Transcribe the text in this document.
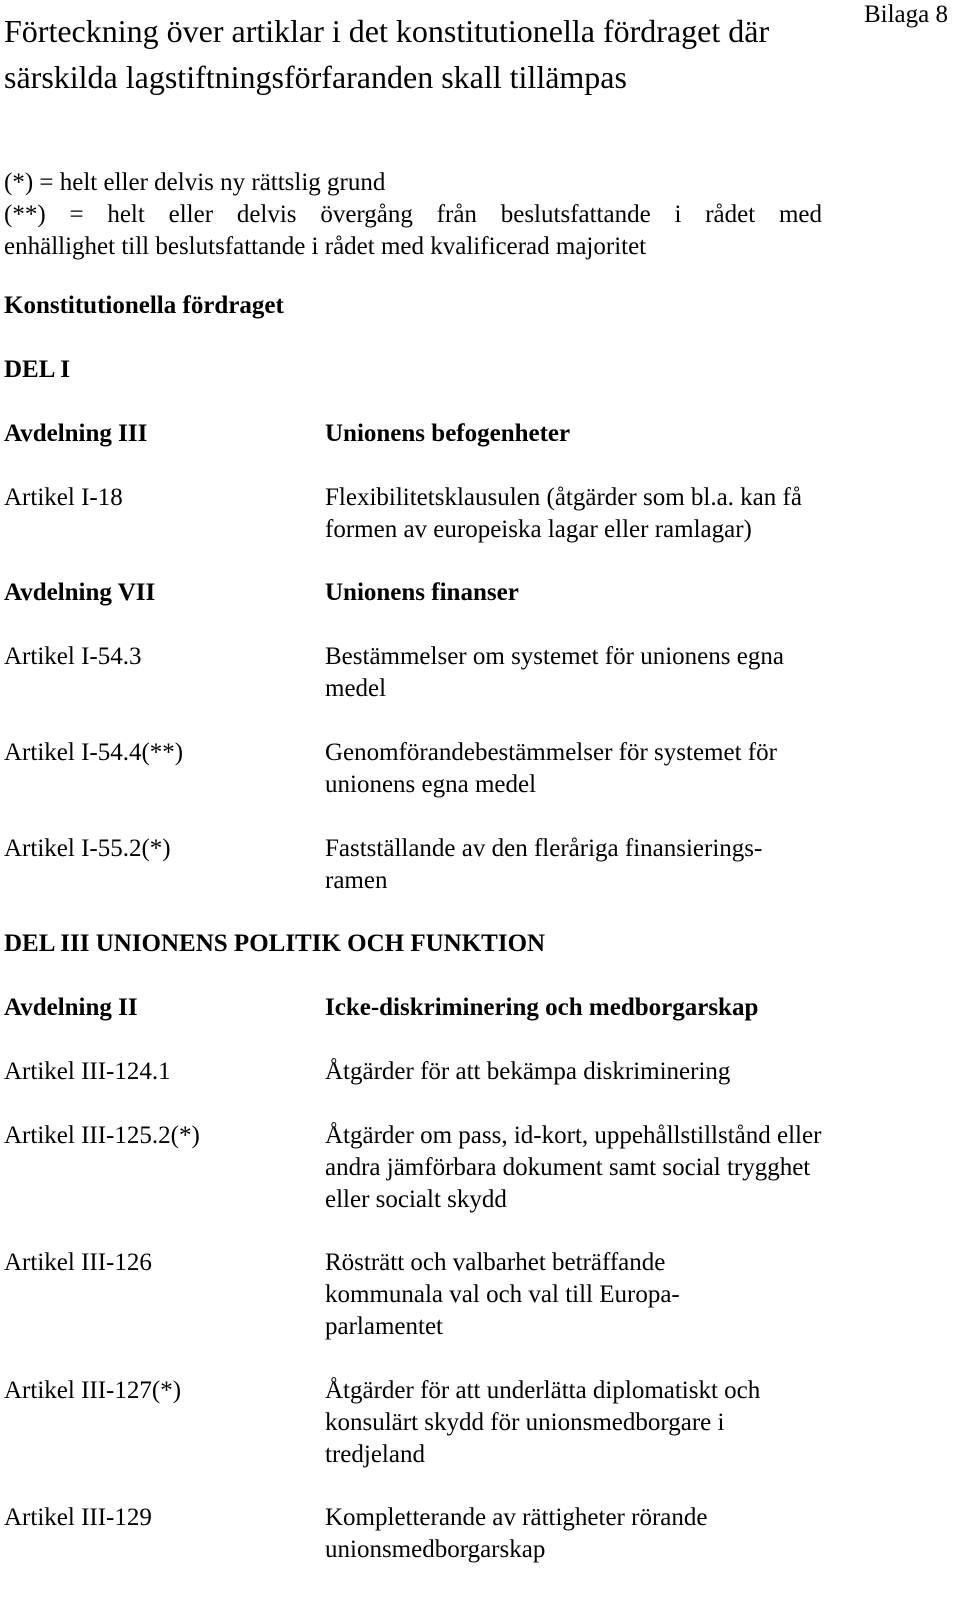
Förteckning över artiklar i det konstitutionella fördraget där särskilda lagstiftningsförfaranden skall tillämpas
Bilaga 8

(*) = helt eller delvis ny rättslig grund

(**) = helt eller delvis övergång från beslutsfattande i rådet med

enhällighet till beslutsfattande i rådet med kvalificerad majoritet

Konstitutionella fördraget
DEL I
Avdelning III	Unionens befogenheter
Artikel I-18	Flexibilitetsklausulen (åtgärder som bl.a. kan få formen av europeiska lagar eller ramlagar)
Avdelning VII	Unionens finanser
Artikel I-54.3	Bestämmelser om systemet för unionens egna medel
Artikel I-54.4(**)	Genomförandebestämmelser för systemet för unionens egna medel
Artikel I-55.2(*)	Fastställande av den fleråriga finansierings-ramen
DEL III UNIONENS POLITIK OCH FUNKTION
Avdelning II	Icke-diskriminering och medborgarskap
Artikel III-124.1	Åtgärder för att bekämpa diskriminering
Artikel III-125.2(*)	Åtgärder om pass, id-kort, uppehållstillstånd eller andra jämförbara dokument samt social trygghet eller socialt skydd
Artikel III-126	Rösträtt och valbarhet beträffande kommunala val och val till Europa-parlamentet
Artikel III-127(*)	Åtgärder för att underlätta diplomatiskt och konsulärt skydd för unionsmedborgare i tredjeland
Artikel III-129	Kompletterande av rättigheter rörande unionsmedborgarskap
